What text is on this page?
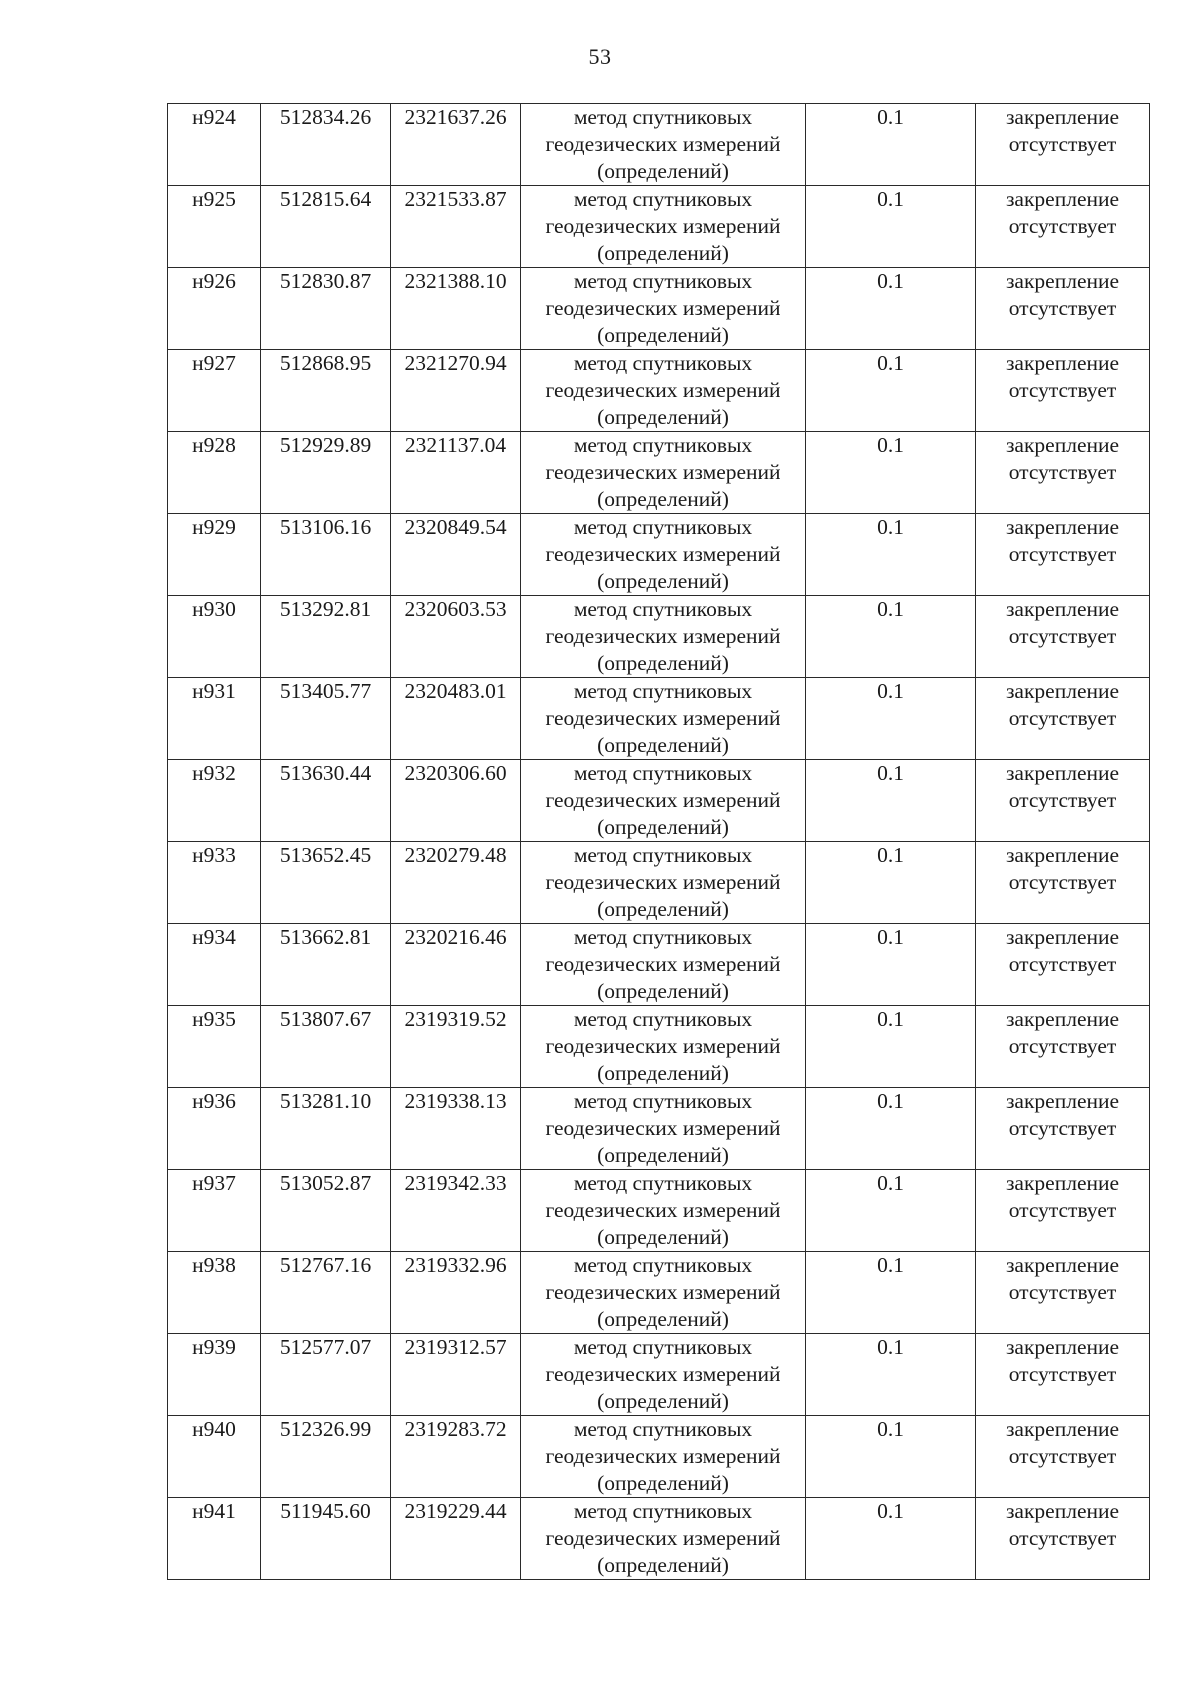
53
н924	512834.26	2321637.26	метод спутниковых
геодезических измерений
(определений)	0.1	закрепление
отсутствует

н925	512815.64	2321533.87	метод спутниковых
геодезических измерений
(определений)	0.1	закрепление
отсутствует

н926	512830.87	2321388.10	метод спутниковых
геодезических измерений
(определений)	0.1	закрепление
отсутствует

н927	512868.95	2321270.94	метод спутниковых
геодезических измерений
(определений)	0.1	закрепление
отсутствует

н928	512929.89	2321137.04	метод спутниковых
геодезических измерений
(определений)	0.1	закрепление
отсутствует

н929	513106.16	2320849.54	метод спутниковых
геодезических измерений
(определений)	0.1	закрепление
отсутствует

н930	513292.81	2320603.53	метод спутниковых
геодезических измерений
(определений)	0.1	закрепление
отсутствует

н931	513405.77	2320483.01	метод спутниковых
геодезических измерений
(определений)	0.1	закрепление
отсутствует

н932	513630.44	2320306.60	метод спутниковых
геодезических измерений
(определений)	0.1	закрепление
отсутствует

н933	513652.45	2320279.48	метод спутниковых
геодезических измерений
(определений)	0.1	закрепление
отсутствует

н934	513662.81	2320216.46	метод спутниковых
геодезических измерений
(определений)	0.1	закрепление
отсутствует

н935	513807.67	2319319.52	метод спутниковых
геодезических измерений
(определений)	0.1	закрепление
отсутствует

н936	513281.10	2319338.13	метод спутниковых
геодезических измерений
(определений)	0.1	закрепление
отсутствует

н937	513052.87	2319342.33	метод спутниковых
геодезических измерений
(определений)	0.1	закрепление
отсутствует

н938	512767.16	2319332.96	метод спутниковых
геодезических измерений
(определений)	0.1	закрепление
отсутствует

н939	512577.07	2319312.57	метод спутниковых
геодезических измерений
(определений)	0.1	закрепление
отсутствует

н940	512326.99	2319283.72	метод спутниковых
геодезических измерений
(определений)	0.1	закрепление
отсутствует

н941	511945.60	2319229.44	метод спутниковых
геодезических измерений
(определений)	0.1	закрепление
отсутствует
